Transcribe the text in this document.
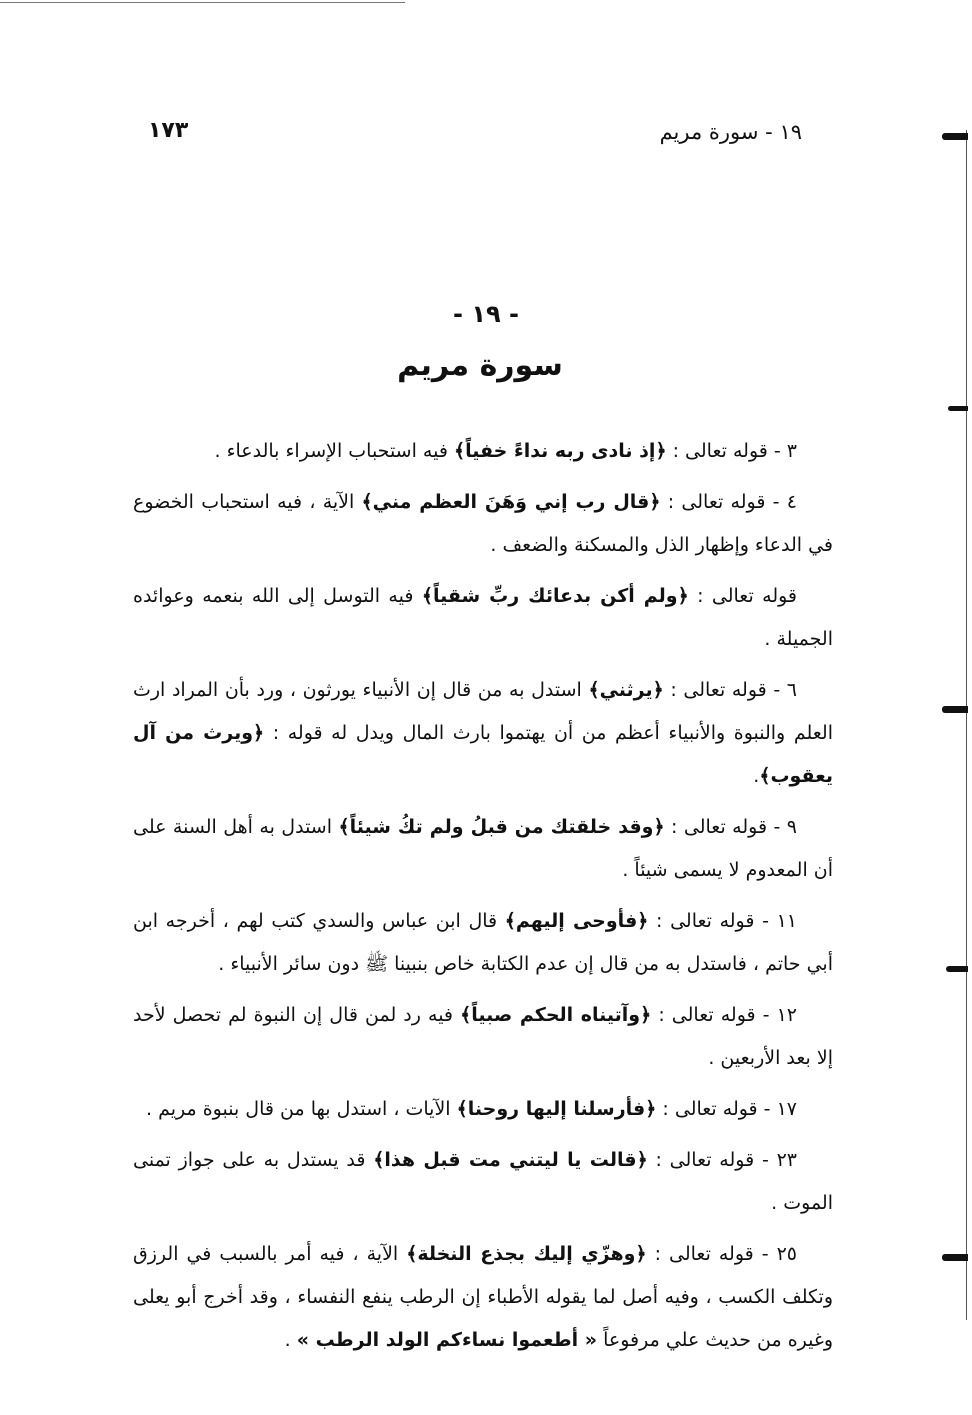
١٧٣	١٩ - سورة مريم
- ١٩ -
سورة مريم

٣ - قوله تعالى : ﴿إذ نادى ربه نداءً خفياً﴾ فيه استحباب الإسراء بالدعاء .

٤ - قوله تعالى : ﴿قال رب إني وَهَنَ العظم مني﴾ الآية ، فيه استحباب الخضوع في الدعاء وإظهار الذل والمسكنة والضعف .

قوله تعالى : ﴿ولم أكن بدعائك ربِّ شقياً﴾ فيه التوسل إلى الله بنعمه وعوائده الجميلة .

٦ - قوله تعالى : ﴿يرثني﴾ استدل به من قال إن الأنبياء يورثون ، ورد بأن المراد ارث العلم والنبوة والأنبياء أعظم من أن يهتموا بارث المال ويدل له قوله : ﴿ويرث من آل يعقوب﴾.

٩ - قوله تعالى : ﴿وقد خلقتك من قبلُ ولم تكُ شيئاً﴾ استدل به أهل السنة على أن المعدوم لا يسمى شيئاً .

١١ - قوله تعالى : ﴿فأوحى إليهم﴾ قال ابن عباس والسدي كتب لهم ، أخرجه ابن أبي حاتم ، فاستدل به من قال إن عدم الكتابة خاص بنبينا ﷺ دون سائر الأنبياء .

١٢ - قوله تعالى : ﴿وآتيناه الحكم صبياً﴾ فيه رد لمن قال إن النبوة لم تحصل لأحد إلا بعد الأربعين .

١٧ - قوله تعالى : ﴿فأرسلنا إليها روحنا﴾ الآيات ، استدل بها من قال بنبوة مريم .

٢٣ - قوله تعالى : ﴿قالت يا ليتني مت قبل هذا﴾ قد يستدل به على جواز تمنى الموت .

٢٥ - قوله تعالى : ﴿وهزّي إليك بجذع النخلة﴾ الآية ، فيه أمر بالسبب في الرزق وتكلف الكسب ، وفيه أصل لما يقوله الأطباء إن الرطب ينفع النفساء ، وقد أخرج أبو يعلى وغيره من حديث علي مرفوعاً « أطعموا نساءكم الولد الرطب » .
